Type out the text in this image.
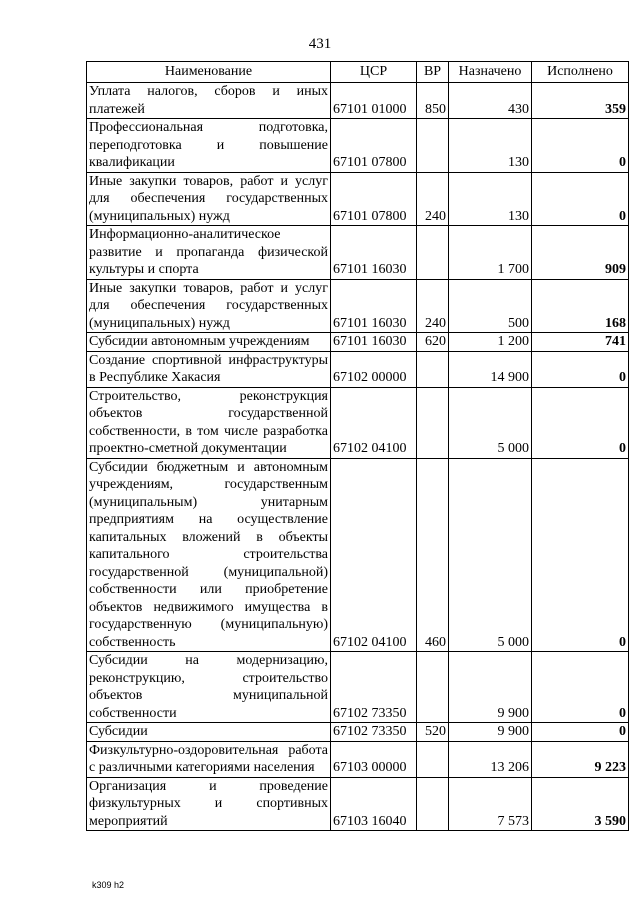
431
Наименование	ЦСР	ВР	Назначено	Исполнено
Уплата налогов, сборов и иных платежей	67101 01000	850	430	359
Профессиональная подготовка, переподготовка и повышение квалификации	67101 07800		130	0
Иные закупки товаров, работ и услуг для обеспечения государственных (муниципальных) нужд	67101 07800	240	130	0
Информационно-аналитическое развитие и пропаганда физической культуры и спорта	67101 16030		1 700	909
Иные закупки товаров, работ и услуг для обеспечения государственных (муниципальных) нужд	67101 16030	240	500	168
Субсидии автономным учреждениям	67101 16030	620	1 200	741
Создание спортивной инфраструктуры в Республике Хакасия	67102 00000		14 900	0
Строительство, реконструкция объектов государственной собственности, в том числе разработка проектно-сметной документации	67102 04100		5 000	0
Субсидии бюджетным и автономным учреждениям, государственным (муниципальным) унитарным предприятиям на осуществление капитальных вложений в объекты капитального строительства государственной (муниципальной) собственности или приобретение объектов недвижимого имущества в государственную (муниципальную) собственность	67102 04100	460	5 000	0
Субсидии на модернизацию, реконструкцию, строительство объектов муниципальной собственности	67102 73350		9 900	0
Субсидии	67102 73350	520	9 900	0
Физкультурно-оздоровительная работа с различными категориями населения	67103 00000		13 206	9 223
Организация и проведение физкультурных и спортивных мероприятий	67103 16040		7 573	3 590
k309 h2
